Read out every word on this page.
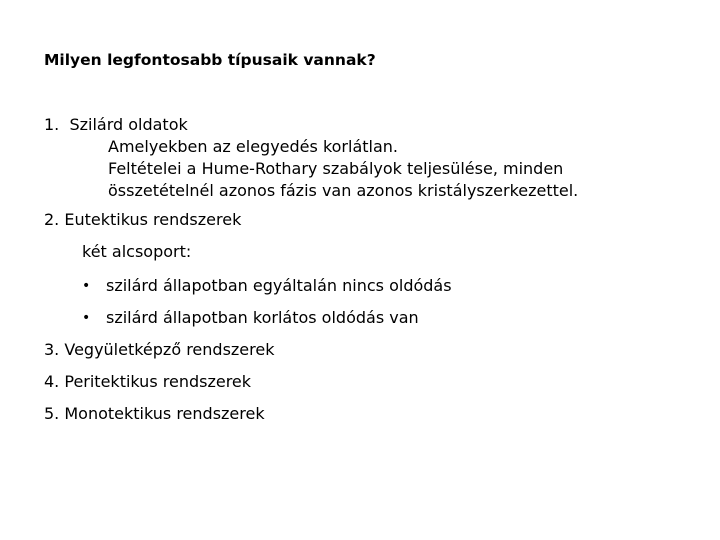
Milyen legfontosabb típusaik vannak?
1. Szilárd oldatok
Amelyekben az elegyedés korlátlan.
Feltételei a Hume-Rothary szabályok teljesülése, minden
összetételnél azonos fázis van azonos kristályszerkezettel.
2. Eutektikus rendszerek
két alcsoport:
• szilárd állapotban egyáltalán nincs oldódás
• szilárd állapotban korlátos oldódás van
3. Vegyületképző rendszerek
4. Peritektikus rendszerek
5. Monotektikus rendszerek
